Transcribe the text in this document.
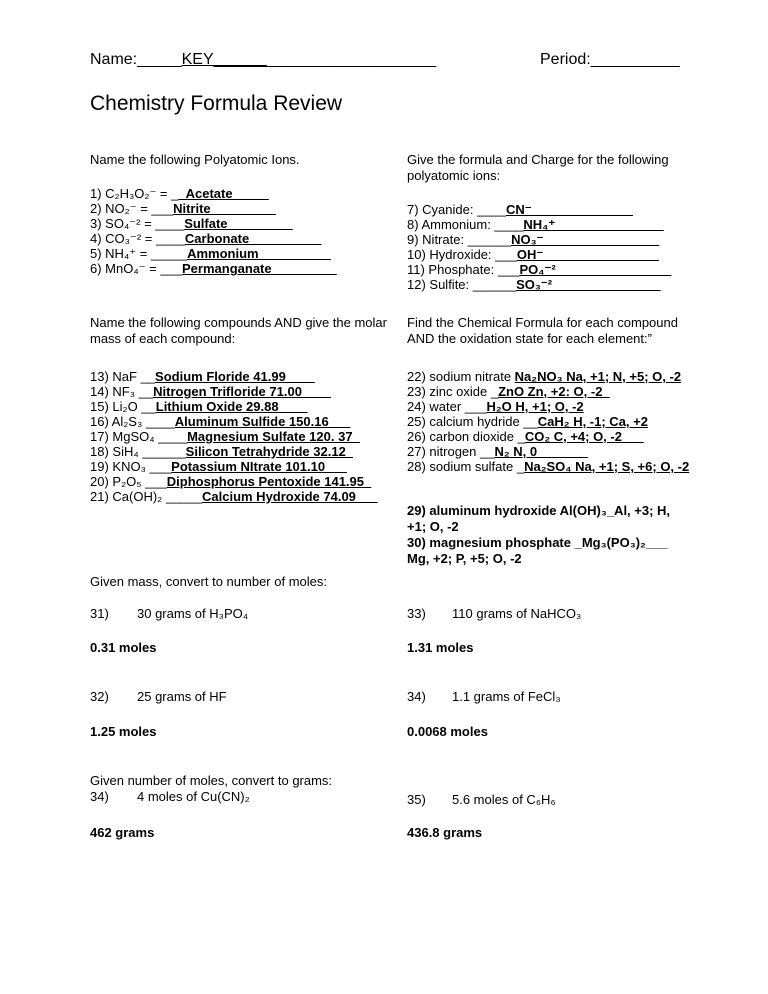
Name:_____KEY_________________________	Period:__________
Chemistry Formula Review
Name the following Polyatomic Ions.
1) C₂H₃O₂⁻ = __Acetate_____
2) NO₂⁻ = ___Nitrite_________
3) SO₄⁻² = ____Sulfate_________
4) CO₃⁻² = ____Carbonate__________
5) NH₄⁺ = _____Ammonium__________
6) MnO₄⁻ = ___Permanganate_________
Give the formula and Charge for the following polyatomic ions:
7) Cyanide: ____CN⁻______________
8) Ammonium: ____NH₄⁺_______________
9) Nitrate: ______NO₃⁻________________
10) Hydroxide: ___OH⁻________________
11) Phosphate: ___PO₄⁻²________________
12) Sulfite: ______SO₃⁻²_______________
Name the following compounds AND give the molar mass of each compound:
13) NaF __Sodium Floride 41.99____
14) NF₃ __Nitrogen Trifloride 71.00____
15) Li₂O __Lithium Oxide 29.88____
16) Al₂S₃ ____Aluminum Sulfide 150.16___
17) MgSO₄ ____Magnesium Sulfate 120. 37_
18) SiH₄ ______Silicon Tetrahydride 32.12_
19) KNO₃ ___Potassium NItrate 101.10___
20) P₂O₅ ___Diphosphorus Pentoxide 141.95_
21) Ca(OH)₂ _____Calcium Hydroxide 74.09___
Find the Chemical Formula for each compound AND the oxidation state for each element:”
22) sodium nitrate Na₂NO₃ Na, +1; N, +5; O, -2
23) zinc oxide _ZnO Zn, +2: O, -2_
24) water ___H₂O H, +1; O, -2
25) calcium hydride __CaH₂ H, -1; Ca, +2
26) carbon dioxide _CO₂ C, +4; O, -2___
27) nitrogen __N₂ N, 0_______
28) sodium sulfate _Na₂SO₄ Na, +1; S, +6; O, -2
29) aluminum hydroxide Al(OH)₃_Al, +3; H, +1; O, -2
30) magnesium phosphate _Mg₃(PO₃)₂___ Mg, +2; P, +5; O, -2
Given mass, convert to number of moles:
31) 30 grams of H₃PO₄
0.31 moles
33) 110 grams of NaHCO₃
1.31 moles
32) 25 grams of HF
1.25 moles
34) 1.1 grams of FeCl₃
0.0068 moles
Given number of moles, convert to grams:
34) 4 moles of Cu(CN)₂
462 grams
35) 5.6 moles of C₆H₆
436.8 grams
